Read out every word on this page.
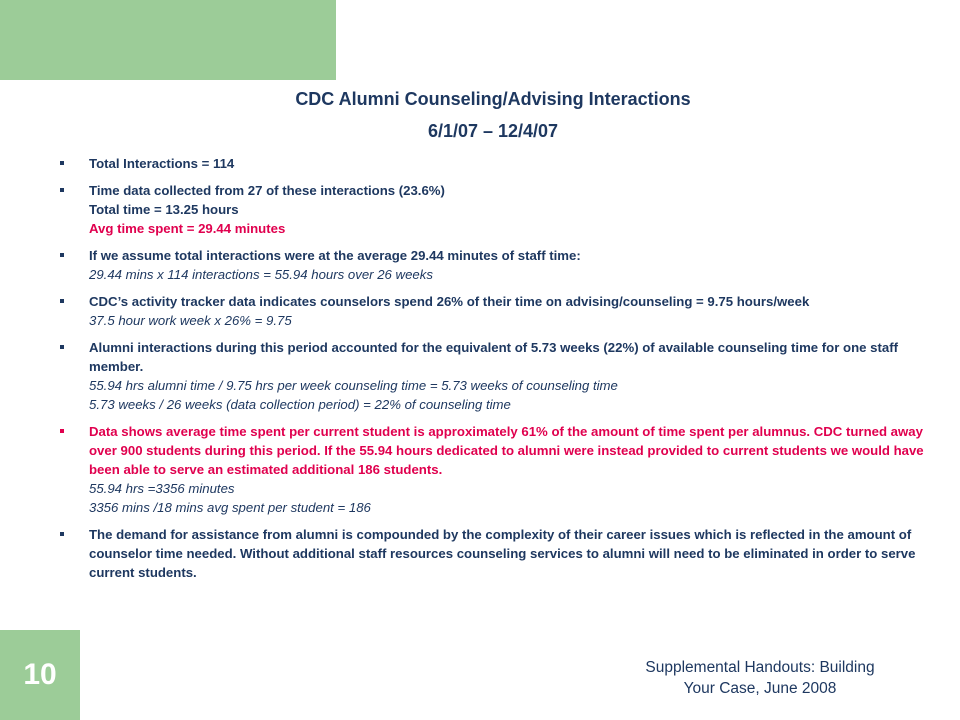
10
CDC Alumni Counseling/Advising Interactions
6/1/07 – 12/4/07
Total Interactions = 114
Time data collected from 27 of these interactions (23.6%)
Total time = 13.25 hours
Avg time spent = 29.44 minutes
If we assume total interactions were at the average 29.44 minutes of staff time:
29.44 mins x 114 interactions = 55.94 hours over 26 weeks
CDC’s activity tracker data indicates counselors spend 26% of their time on advising/counseling = 9.75 hours/week
37.5 hour work week x 26% = 9.75
Alumni interactions during this period accounted for the equivalent of 5.73 weeks (22%) of available counseling time for one staff member.
55.94 hrs alumni time / 9.75 hrs per week counseling time = 5.73 weeks of counseling time
5.73 weeks / 26 weeks (data collection period) = 22% of counseling time
Data shows average time spent per current student is approximately 61% of the amount of time spent per alumnus. CDC turned away over 900 students during this period. If the 55.94 hours dedicated to alumni were instead provided to current students we would have been able to serve an estimated additional 186 students.
55.94 hrs =3356 minutes
3356 mins /18 mins avg spent per student = 186
The demand for assistance from alumni is compounded by the complexity of their career issues which is reflected in the amount of counselor time needed. Without additional staff resources counseling services to alumni will need to be eliminated in order to serve current students.
Supplemental Handouts: Building
Your Case, June 2008
